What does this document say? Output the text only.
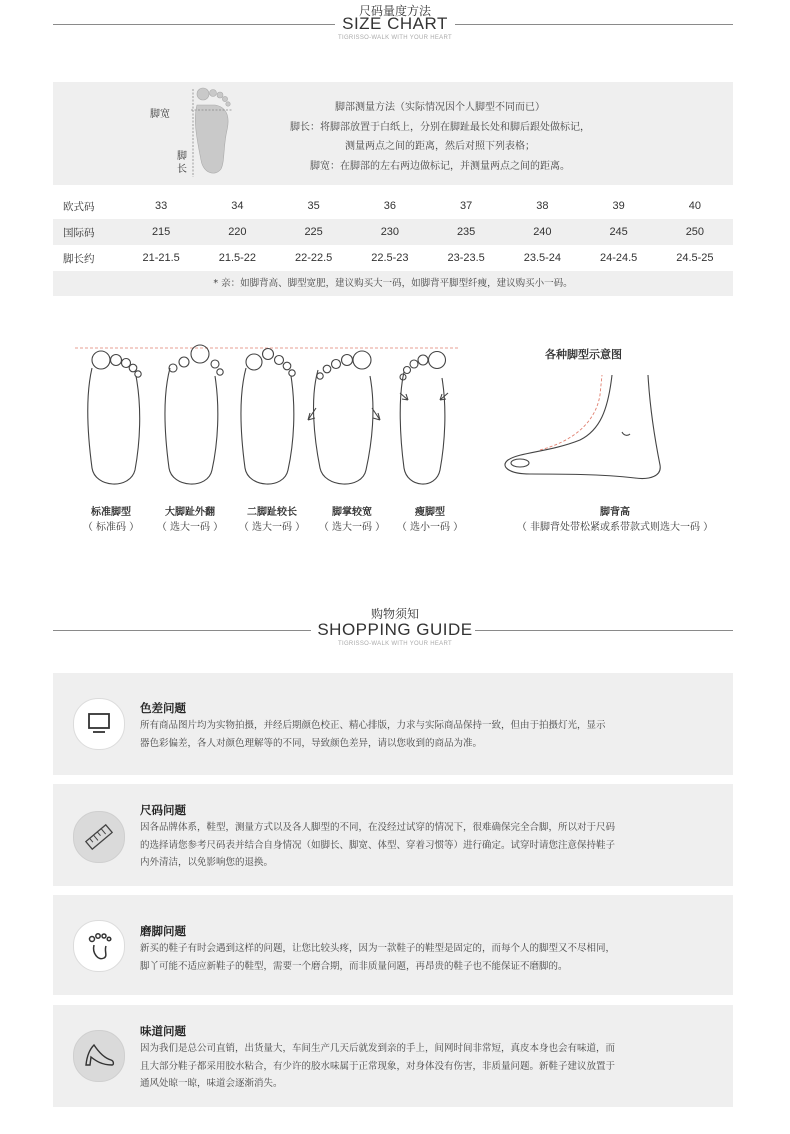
尺码量度方法
SIZE CHART
TIGRISSO-WALK WITH YOUR HEART
脚宽
脚
长
脚部测量方法（实际情况因个人脚型不同而已）
脚长：将脚部放置于白纸上，分别在脚趾最长处和脚后跟处做标记，
测量两点之间的距离，然后对照下列表格；
脚宽：在脚部的左右两边做标记，并测量两点之间的距离。
欧式码	33	34	35	36	37	38	39	40
国际码	215	220	225	230	235	240	245	250
脚长约	21-21.5	21.5-22	22-22.5	22.5-23	23-23.5	23.5-24	24-24.5	24.5-25
* 亲：如脚背高、脚型宽肥，建议购买大一码，如脚背平脚型纤瘦，建议购买小一码。
标准脚型
（ 标准码 ）
大脚趾外翻
（ 选大一码 ）
二脚趾较长
（ 选大一码 ）
脚掌较宽
（ 选大一码 ）
瘦脚型
（ 选小一码 ）
各种脚型示意图
脚背高
（ 非脚背处带松紧或系带款式则选大一码 ）
购物须知
SHOPPING GUIDE
TIGRISSO-WALK WITH YOUR HEART
色差问题
所有商品图片均为实物拍摄，并经后期颜色校正、精心排版，力求与实际商品保持一致，但由于拍摄灯光，显示
器色彩偏差，各人对颜色理解等的不同，导致颜色差异，请以您收到的商品为准。
尺码问题
因各品牌体系，鞋型，测量方式以及各人脚型的不同，在没经过试穿的情况下，很难确保完全合脚，所以对于尺码
的选择请您参考尺码表并结合自身情况（如脚长、脚宽、体型、穿着习惯等）进行确定。试穿时请您注意保持鞋子
内外清洁，以免影响您的退换。
磨脚问题
新买的鞋子有时会遇到这样的问题，让您比较头疼，因为一款鞋子的鞋型是固定的，而每个人的脚型又不尽相同，
脚丫可能不适应新鞋子的鞋型，需要一个磨合期，而非质量问题，再昂贵的鞋子也不能保证不磨脚的。
味道问题
因为我们是总公司直销，出货量大，车间生产几天后就发到亲的手上，间网时间非常短，真皮本身也会有味道，而
且大部分鞋子都采用胶水粘合，有少许的胶水味属于正常现象，对身体没有伤害，非质量问题。新鞋子建议放置于
通风处晾一晾，味道会逐渐消失。
